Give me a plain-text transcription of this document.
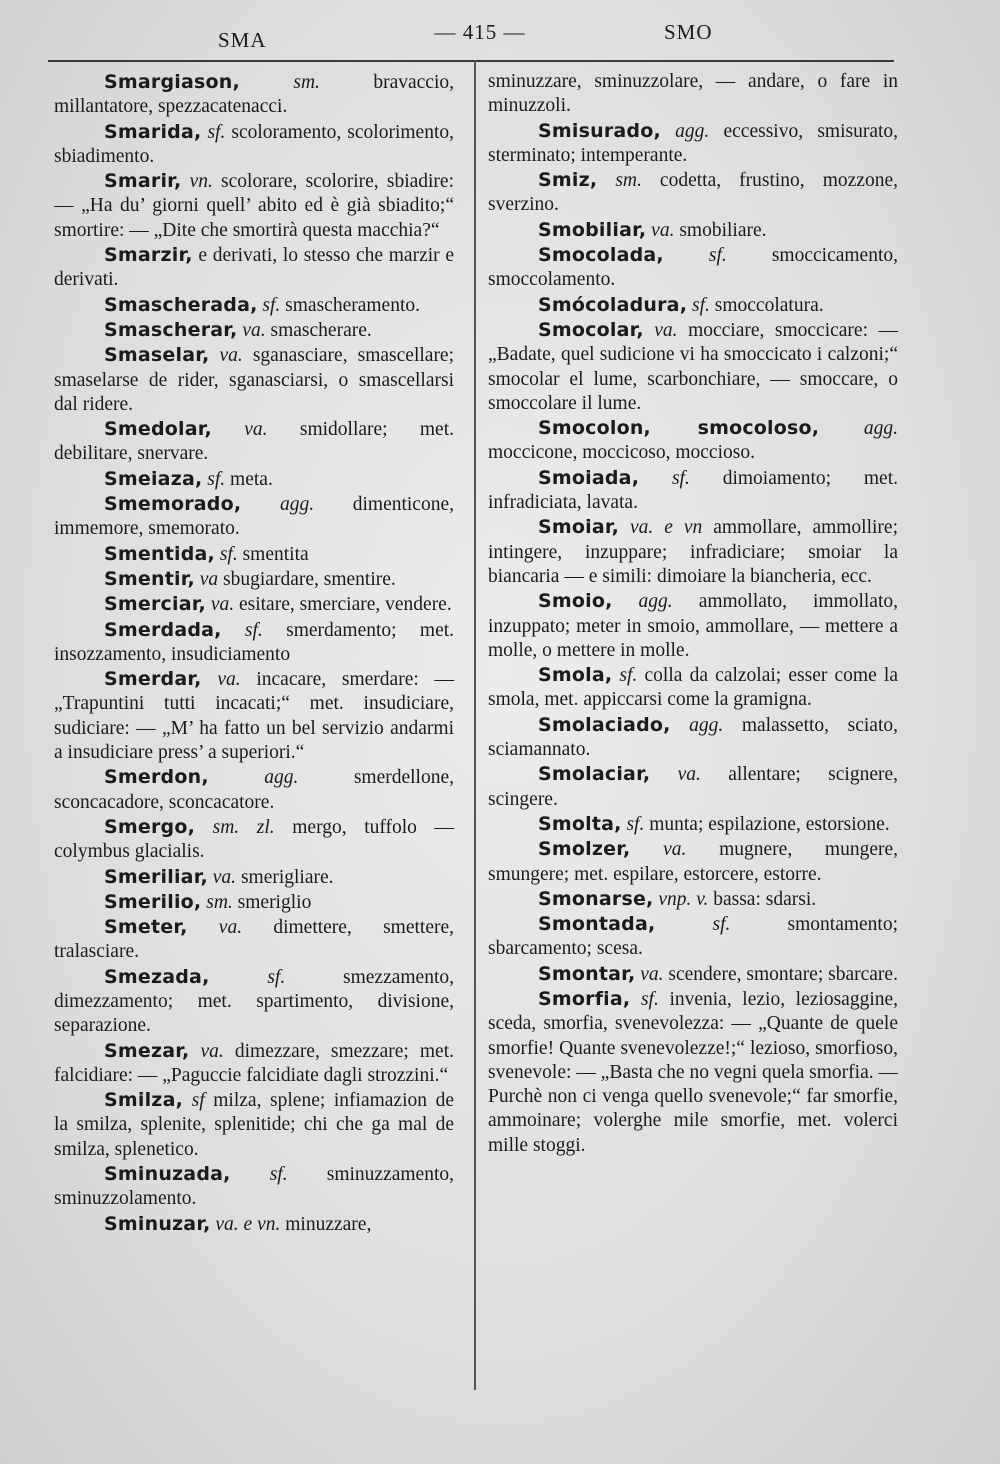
SMA	— 415 —	SMO

Smargiason,	sm.	bravaccio, millantatore, spezzacatenacci.

Smarida, sf. scoloramento, scolorimento, sbiadimento.

Smarir, vn. scolorare, scolorire, sbiadire: — „Ha du’ giorni quell’ abito ed è già sbiadito;“ smortire: — „Dite che smortirà questa macchia?“

Smarzir, e derivati, lo stesso che marzir e derivati.

Smascherada, sf. smascheramento.

Smascherar, va. smascherare.

Smaselar, va. sganasciare, smascellare; smaselarse de rider, sganasciarsi, o smascellarsi dal ridere.

Smedolar, va. smidollare; met. debilitare, snervare.

Smeiaza, sf. meta.

Smemorado, agg. dimenticone, immemore, smemorato.

Smentida, sf. smentita

Smentir, va sbugiardare, smentire.

Smerciar, va. esitare, smerciare, vendere.

Smerdada, sf. smerdamento; met. insozzamento, insudiciamento

Smerdar, va. incacare, smerdare: — „Trapuntini tutti incacati;“ met. insudiciare, sudiciare: — „M’ ha fatto un bel servizio andarmi a insudiciare press’ a superiori.“

Smerdon,	agg.	smerdellone, sconcacadore, sconcacatore.

Smergo, sm. zl. mergo, tuffolo — colymbus glacialis.

Smeriliar, va. smerigliare.

Smerilio, sm. smeriglio

Smeter, va. dimettere, smettere, tralasciare.

Smezada,	sf.	smezzamento, dimezzamento; met. spartimento, divisione, separazione.

Smezar, va. dimezzare, smezzare; met. falcidiare: — „Paguccie falcidiate dagli strozzini.“

Smilza, sf milza, splene; infiamazion de la smilza, splenite, splenitide; chi che ga mal de smilza, splenetico.

Sminuzada, sf. sminuzzamento, sminuzzolamento.

Sminuzar, va. e vn. minuzzare,

sminuzzare, sminuzzolare, — andare, o fare in minuzzoli.

Smisurado, agg. eccessivo, smisurato, sterminato; intemperante.

Smiz, sm. codetta, frustino, mozzone, sverzino.

Smobiliar, va. smobiliare.

Smocolada, sf. smoccicamento, smoccolamento.

Smócoladura, sf. smoccolatura.

Smocolar, va. mocciare, smoccicare: — „Badate, quel sudicione vi ha smoccicato i calzoni;“ smocolar el lume, scarbonchiare, — smoccare, o smoccolare il lume.

Smocolon, smocoloso, agg. moccicone, moccicoso, moccioso.

Smoiada, sf. dimoiamento; met. infradiciata, lavata.

Smoiar, va. e vn ammollare, ammollire; intingere, inzuppare; infradiciare; smoiar la biancaria — e simili: dimoiare la biancheria, ecc.

Smoio, agg. ammollato, immollato, inzuppato; meter in smoio, ammollare, — mettere a molle, o mettere in molle.

Smola, sf. colla da calzolai; esser come la smola, met. appiccarsi come la gramigna.

Smolaciado, agg. malassetto, sciato, sciamannato.

Smolaciar, va. allentare; scignere, scingere.

Smolta, sf. munta; espilazione, estorsione.

Smolzer, va. mugnere, mungere, smungere; met. espilare, estorcere, estorre.

Smonarse, vnp. v. bassa: sdarsi.

Smontada,	sf.	smontamento; sbarcamento; scesa.

Smontar, va. scendere, smontare; sbarcare.

Smorfia, sf. invenia, lezio, leziosaggine, sceda, smorfia, svenevolezza: — „Quante de quele smorfie! Quante svenevolezze!;“ lezioso, smorfioso, svenevole: — „Basta che no vegni quela smorfia. — Purchè non ci venga quello svenevole;“ far smorfie, ammoinare; volerghe mile smorfie, met. volerci mille stoggi.
